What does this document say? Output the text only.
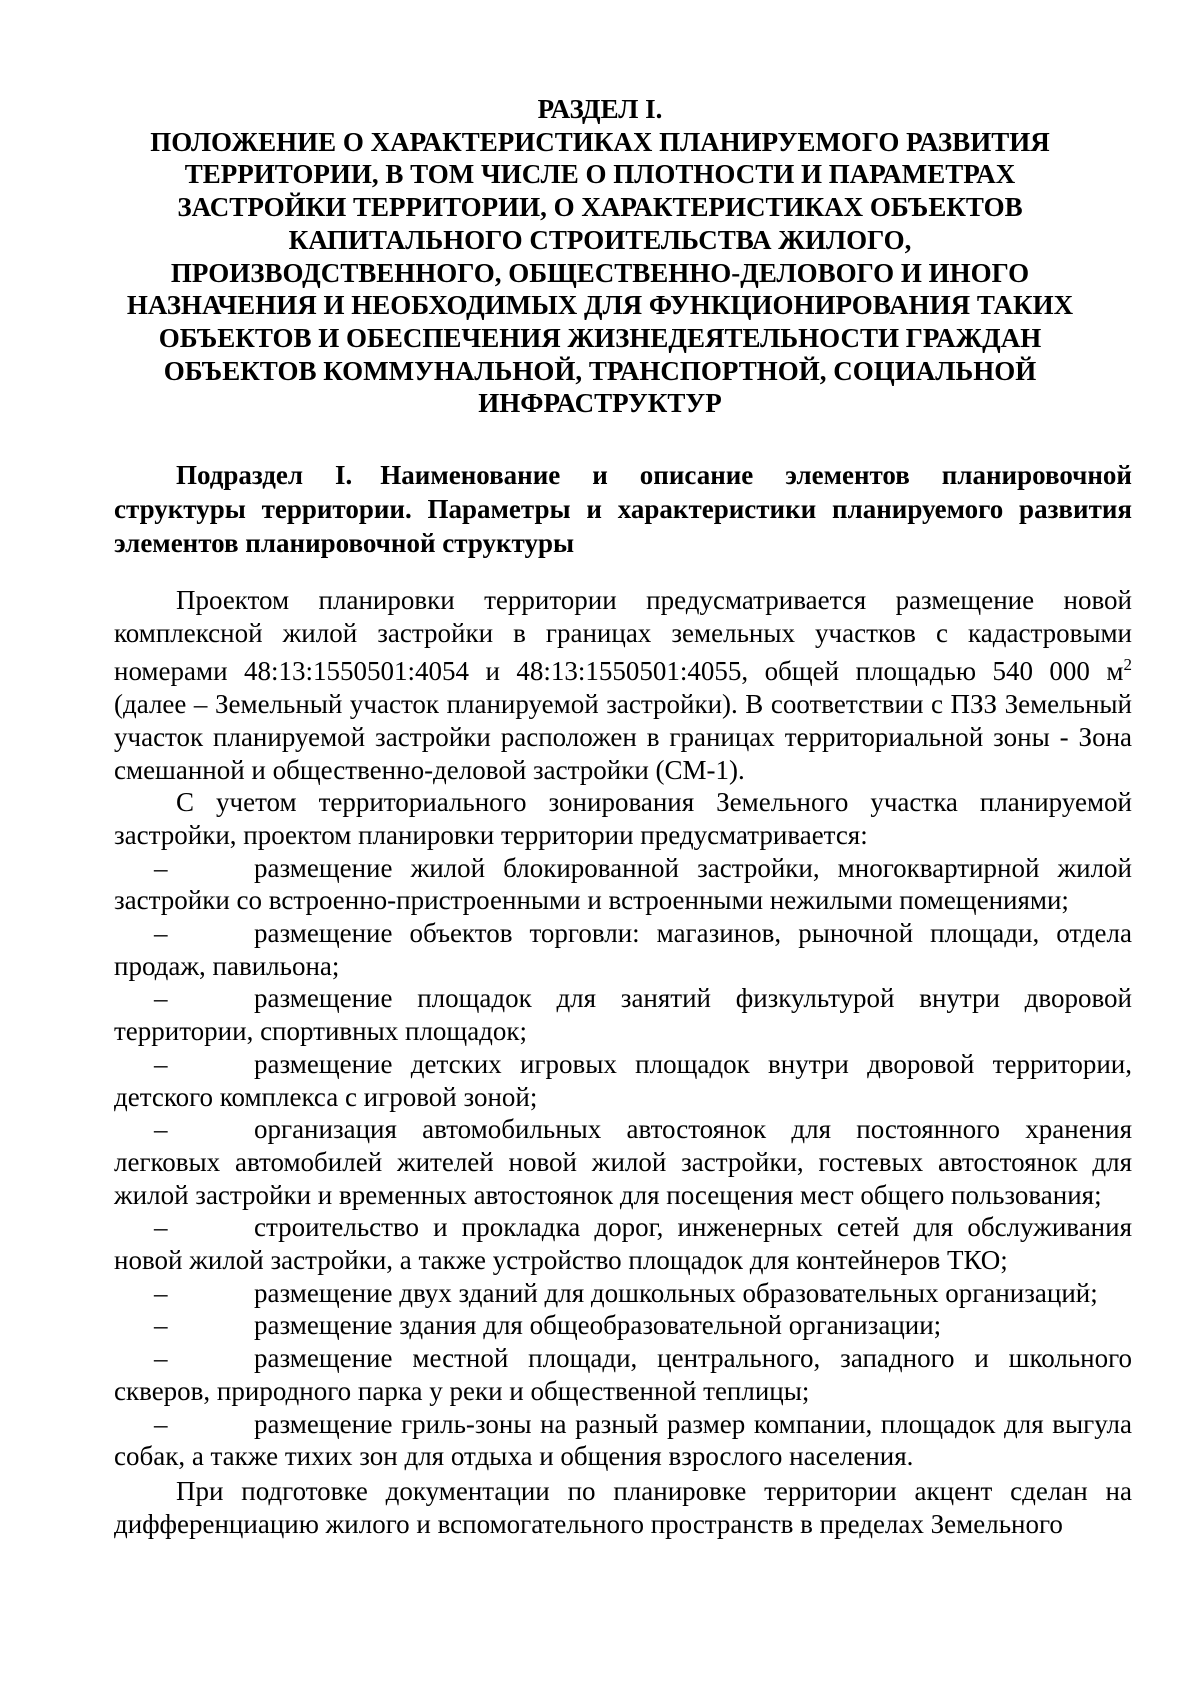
РАЗДЕЛ I.
ПОЛОЖЕНИЕ О ХАРАКТЕРИСТИКАХ ПЛАНИРУЕМОГО РАЗВИТИЯ
ТЕРРИТОРИИ, В ТОМ ЧИСЛЕ О ПЛОТНОСТИ И ПАРАМЕТРАХ
ЗАСТРОЙКИ ТЕРРИТОРИИ, О ХАРАКТЕРИСТИКАХ ОБЪЕКТОВ
КАПИТАЛЬНОГО СТРОИТЕЛЬСТВА ЖИЛОГО,
ПРОИЗВОДСТВЕННОГО, ОБЩЕСТВЕННО-ДЕЛОВОГО И ИНОГО
НАЗНАЧЕНИЯ И НЕОБХОДИМЫХ ДЛЯ ФУНКЦИОНИРОВАНИЯ ТАКИХ
ОБЪЕКТОВ И ОБЕСПЕЧЕНИЯ ЖИЗНЕДЕЯТЕЛЬНОСТИ ГРАЖДАН
ОБЪЕКТОВ КОММУНАЛЬНОЙ, ТРАНСПОРТНОЙ, СОЦИАЛЬНОЙ
ИНФРАСТРУКТУР
Подраздел I. Наименование и описание элементов планировочной структуры территории. Параметры и характеристики планируемого развития элементов планировочной структуры

Проектом планировки территории предусматривается размещение новой комплексной жилой застройки в границах земельных участков с кадастровыми номерами 48:13:1550501:4054 и 48:13:1550501:4055, общей площадью 540 000 $м^2$ (далее – Земельный участок планируемой застройки). В соответствии с ПЗЗ Земельный участок планируемой застройки расположен в границах территориальной зоны - Зона смешанной и общественно-деловой застройки (СМ-1).

С учетом территориального зонирования Земельного участка планируемой застройки, проектом планировки территории предусматривается:

–	размещение жилой блокированной застройки, многоквартирной жилой застройки со встроенно-пристроенными и встроенными нежилыми помещениями;

–	размещение объектов торговли: магазинов, рыночной площади, отдела продаж, павильона;

–	размещение площадок для занятий физкультурой внутри дворовой территории, спортивных площадок;

–	размещение детских игровых площадок внутри дворовой территории, детского комплекса с игровой зоной;

–	организация автомобильных автостоянок для постоянного хранения легковых автомобилей жителей новой жилой застройки, гостевых автостоянок для жилой застройки и временных автостоянок для посещения мест общего пользования;

–	строительство и прокладка дорог, инженерных сетей для обслуживания новой жилой застройки, а также устройство площадок для контейнеров ТКО;

–	размещение двух зданий для дошкольных образовательных организаций;

–	размещение здания для общеобразовательной организации;

–	размещение местной площади, центрального, западного и школьного скверов, природного парка у реки и общественной теплицы;

–	размещение гриль-зоны на разный размер компании, площадок для выгула собак, а также тихих зон для отдыха и общения взрослого населения.

При подготовке документации по планировке территории акцент сделан на дифференциацию жилого и вспомогательного пространств в пределах Земельного
